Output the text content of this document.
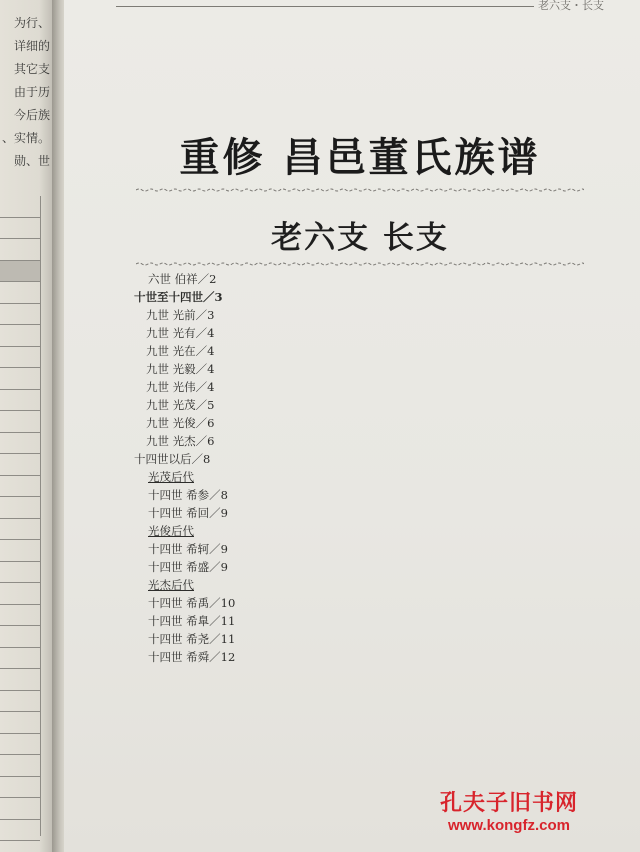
为行、
详细的
其它支
由于历
今后族
、实情。
勋、世
老六支・长支
重修 昌邑董氏族谱
老六支 长支
六世 伯祥／2
十世至十四世／3
九世 光前／3
九世 光有／4
九世 光在／4
九世 光毅／4
九世 光伟／4
九世 光茂／5
九世 光俊／6
九世 光杰／6
十四世以后／8
光茂后代
十四世 希参／8
十四世 希回／9
光俊后代
十四世 希轲／9
十四世 希盛／9
光杰后代
十四世 希禹／10
十四世 希臯／11
十四世 希尧／11
十四世 希舜／12
孔夫子旧书网
www.kongfz.com
